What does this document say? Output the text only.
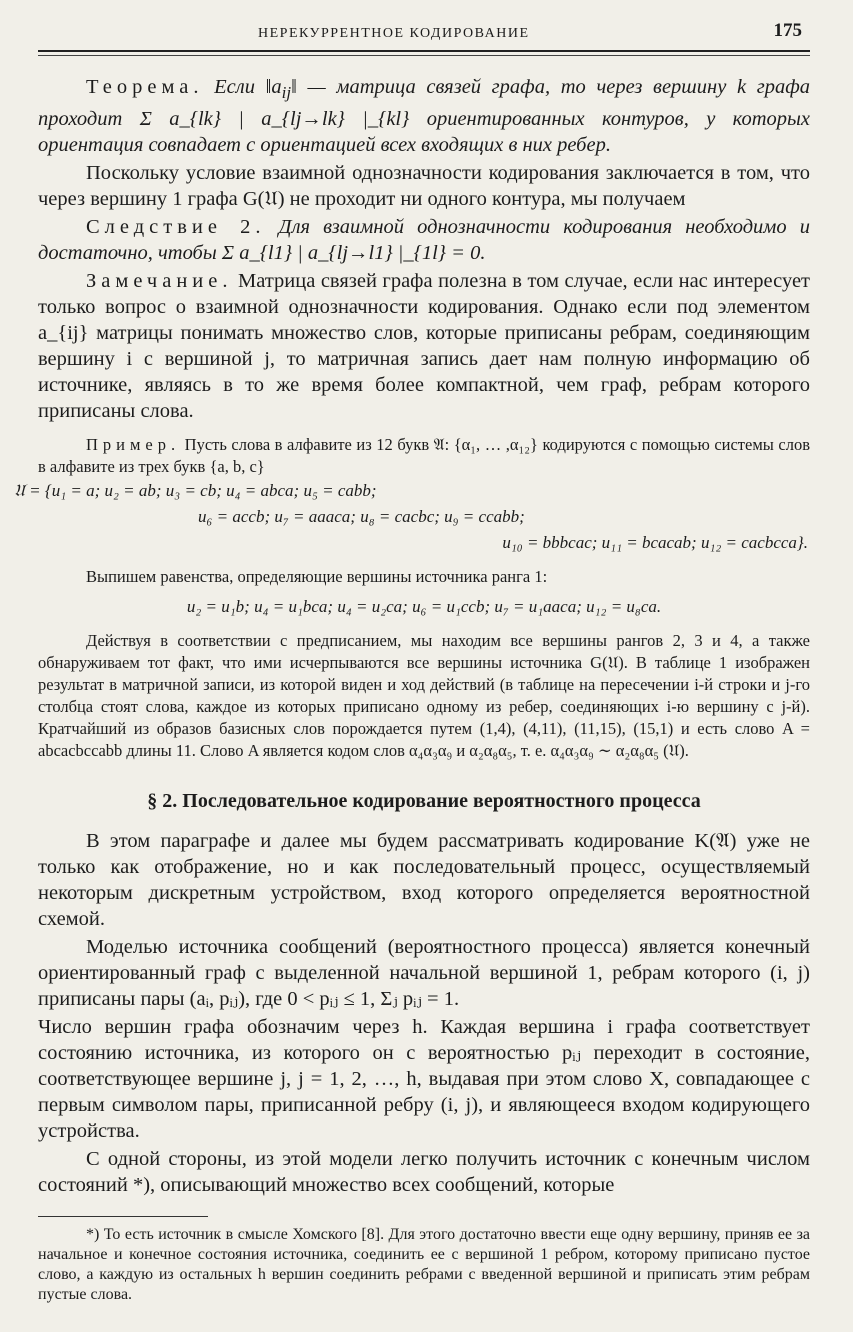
НЕРЕКУРРЕНТНОЕ КОДИРОВАНИЕ	175

Теорема. Если $‖a_{ij}‖$ — матрица связей графа, то через вершину k графа проходит Σ a_{lk} | a_{lj→lk} |_{kl} ориентированных контуров, у которых ориентация совпадает с ориентацией всех входящих в них ребер.

Поскольку условие взаимной однозначности кодирования заключается в том, что через вершину 1 графа G(𝔘) не проходит ни одного контура, мы получаем

Следствие 2. Для взаимной однозначности кодирования необходимо и достаточно, чтобы Σ a_{l1} | a_{lj→l1} |_{1l} = 0.

Замечание. Матрица связей графа полезна в том случае, если нас интересует только вопрос о взаимной однозначности кодирования. Однако если под элементом a_{ij} матрицы понимать множество слов, которые приписаны ребрам, соединяющим вершину i с вершиной j, то матричная запись дает нам полную информацию об источнике, являясь в то же время более компактной, чем граф, ребрам которого приписаны слова.

Пример. Пусть слова в алфавите из 12 букв 𝔄: {α₁, … ,α₁₂} кодируются с помощью системы слов в алфавите из трех букв {a, b, c}

𝔘 = {u₁ = a; u₂ = ab; u₃ = cb; u₄ = abca; u₅ = cabb;
u₆ = accb; u₇ = aaaca; u₈ = cacbc; u₉ = ccabb;
u₁₀ = bbbcac; u₁₁ = bcacab; u₁₂ = cacbcca}.

Выпишем равенства, определяющие вершины источника ранга 1:

u₂ = u₁b; u₄ = u₁bca; u₄ = u₂ca; u₆ = u₁ccb; u₇ = u₁aaca; u₁₂ = u₈ca.

Действуя в соответствии с предписанием, мы находим все вершины рангов 2, 3 и 4, а также обнаруживаем тот факт, что ими исчерпываются все вершины источника G(𝔘). В таблице 1 изображен результат в матричной записи, из которой виден и ход действий (в таблице на пересечении i-й строки и j-го столбца стоят слова, каждое из которых приписано одному из ребер, соединяющих i-ю вершину с j-й). Кратчайший из образов базисных слов порождается путем (1,4), (4,11), (11,15), (15,1) и есть слово A = abcacbccabb длины 11. Слово A является кодом слов α₄α₃α₉ и α₂α₈α₅, т. е. α₄α₃α₉ ∼ α₂α₈α₅ (𝔘).

§ 2. Последовательное кодирование вероятностного процесса

В этом параграфе и далее мы будем рассматривать кодирование K(𝔄) уже не только как отображение, но и как последовательный процесс, осуществляемый некоторым дискретным устройством, вход которого определяется вероятностной схемой.

Моделью источника сообщений (вероятностного процесса) является конечный ориентированный граф с выделенной начальной вершиной 1, ребрам которого (i, j) приписаны пары (aᵢ, pᵢⱼ), где 0 < pᵢⱼ ≤ 1, Σⱼ pᵢⱼ = 1.

Число вершин графа обозначим через h. Каждая вершина i графа соответствует состоянию источника, из которого он с вероятностью pᵢⱼ переходит в состояние, соответствующее вершине j, j = 1, 2, …, h, выдавая при этом слово X, совпадающее с первым символом пары, приписанной ребру (i, j), и являющееся входом кодирующего устройства.

С одной стороны, из этой модели легко получить источник с конечным числом состояний *), описывающий множество всех сообщений, которые

*) То есть источник в смысле Хомского [8]. Для этого достаточно ввести еще одну вершину, приняв ее за начальное и конечное состояния источника, соединить ее с вершиной 1 ребром, которому приписано пустое слово, а каждую из остальных h вершин соединить ребрами с введенной вершиной и приписать этим ребрам пустые слова.
